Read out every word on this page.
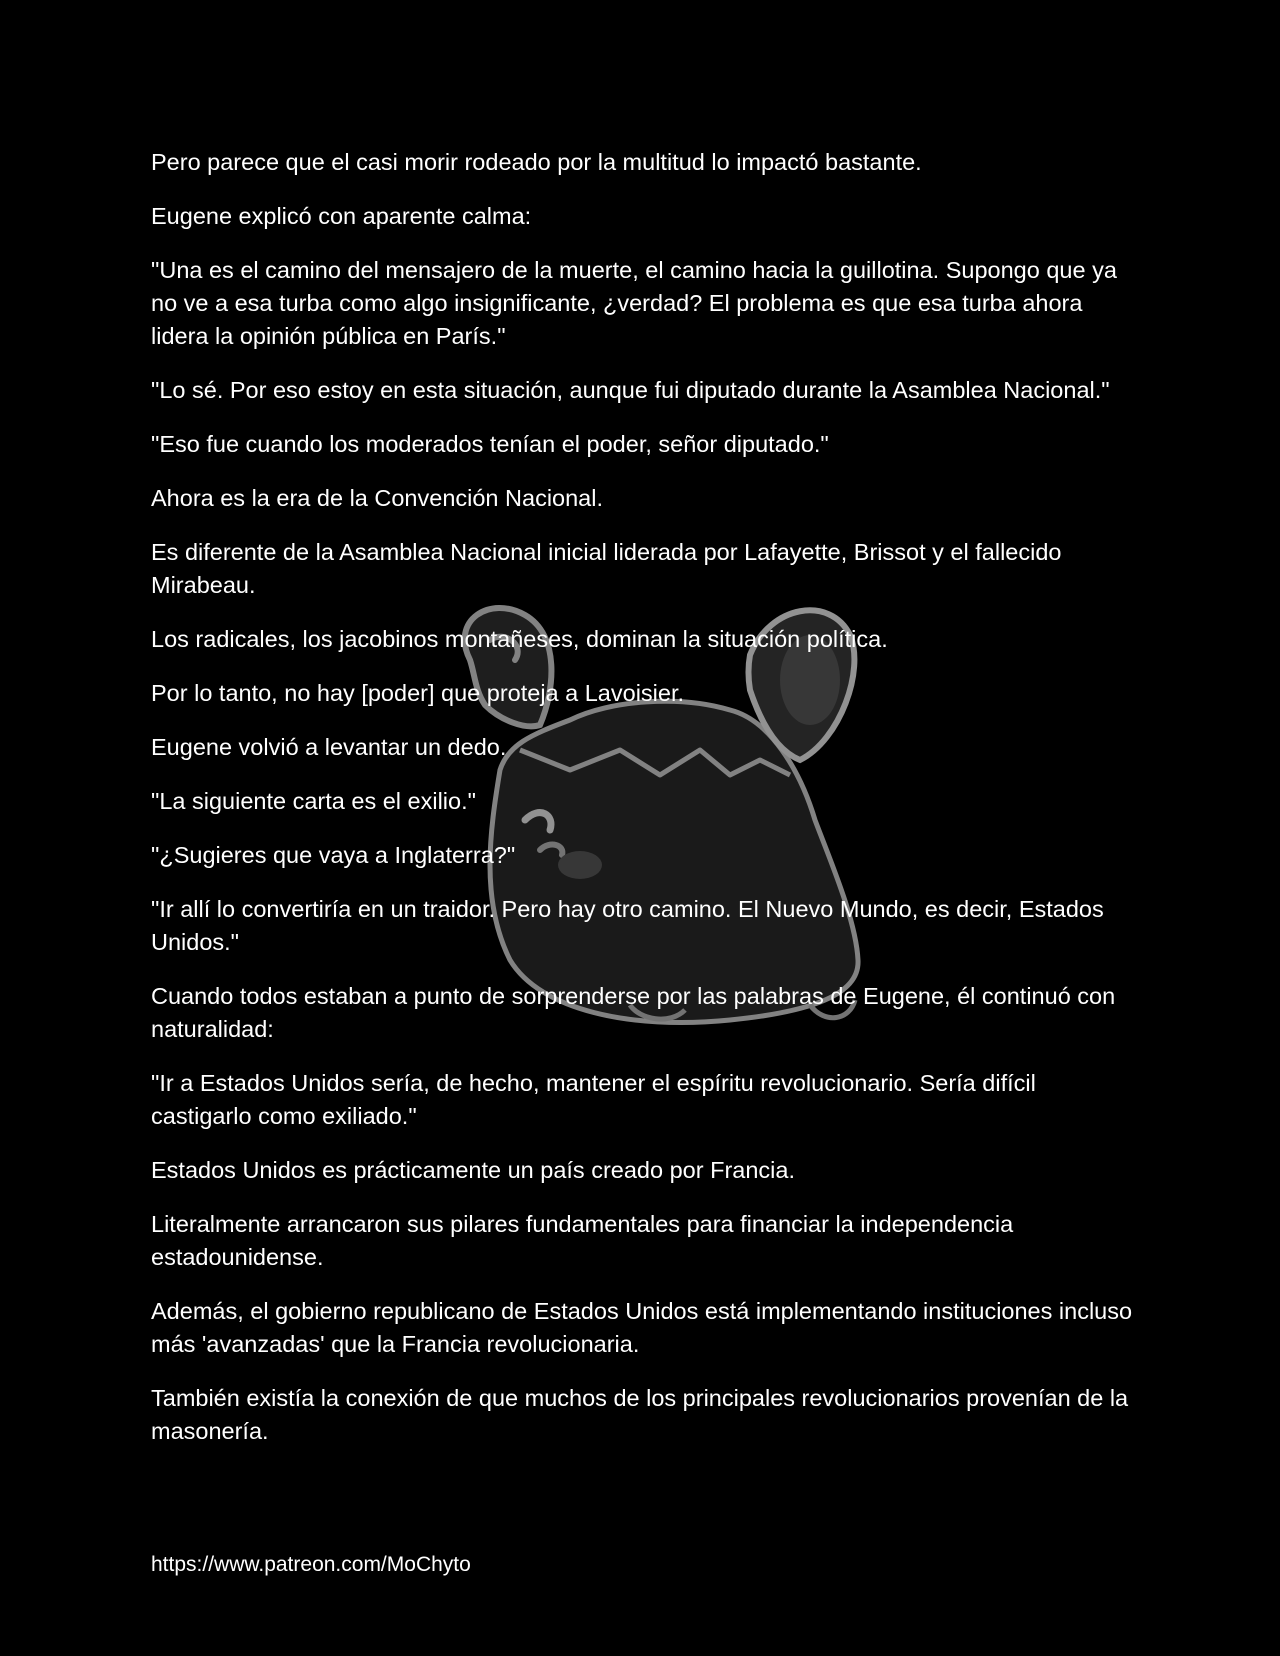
Pero parece que el casi morir rodeado por la multitud lo impactó bastante.

Eugene explicó con aparente calma:

"Una es el camino del mensajero de la muerte, el camino hacia la guillotina. Supongo que ya no ve a esa turba como algo insignificante, ¿verdad? El problema es que esa turba ahora lidera la opinión pública en París."

"Lo sé. Por eso estoy en esta situación, aunque fui diputado durante la Asamblea Nacional."

"Eso fue cuando los moderados tenían el poder, señor diputado."

Ahora es la era de la Convención Nacional.

Es diferente de la Asamblea Nacional inicial liderada por Lafayette, Brissot y el fallecido Mirabeau.

Los radicales, los jacobinos montañeses, dominan la situación política.

Por lo tanto, no hay [poder] que proteja a Lavoisier.

Eugene volvió a levantar un dedo.

"La siguiente carta es el exilio."

"¿Sugieres que vaya a Inglaterra?"

"Ir allí lo convertiría en un traidor. Pero hay otro camino. El Nuevo Mundo, es decir, Estados Unidos."

Cuando todos estaban a punto de sorprenderse por las palabras de Eugene, él continuó con naturalidad:

"Ir a Estados Unidos sería, de hecho, mantener el espíritu revolucionario. Sería difícil castigarlo como exiliado."

Estados Unidos es prácticamente un país creado por Francia.

Literalmente arrancaron sus pilares fundamentales para financiar la independencia estadounidense.

Además, el gobierno republicano de Estados Unidos está implementando instituciones incluso más 'avanzadas' que la Francia revolucionaria.

También existía la conexión de que muchos de los principales revolucionarios provenían de la masonería.

https://www.patreon.com/MoChyto
